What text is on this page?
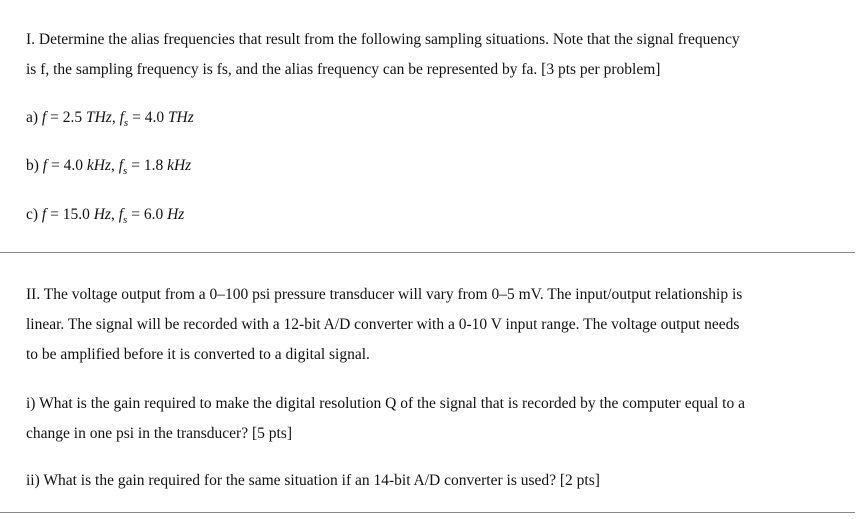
I. Determine the alias frequencies that result from the following sampling situations. Note that the signal frequency
is f, the sampling frequency is fs, and the alias frequency can be represented by fa. [3 pts per problem]
a) f = 2.5 THz, $f_s = 4.0$ THz
b) f = 4.0 kHz, $f_s = 1.8$ kHz
c) f = 15.0 Hz, $f_s = 6.0$ Hz
II. The voltage output from a 0–100 psi pressure transducer will vary from 0–5 mV. The input/output relationship is
linear. The signal will be recorded with a 12-bit A/D converter with a 0-10 V input range. The voltage output needs
to be amplified before it is converted to a digital signal.
i) What is the gain required to make the digital resolution Q of the signal that is recorded by the computer equal to a
change in one psi in the transducer? [5 pts]
ii) What is the gain required for the same situation if an 14-bit A/D converter is used? [2 pts]
